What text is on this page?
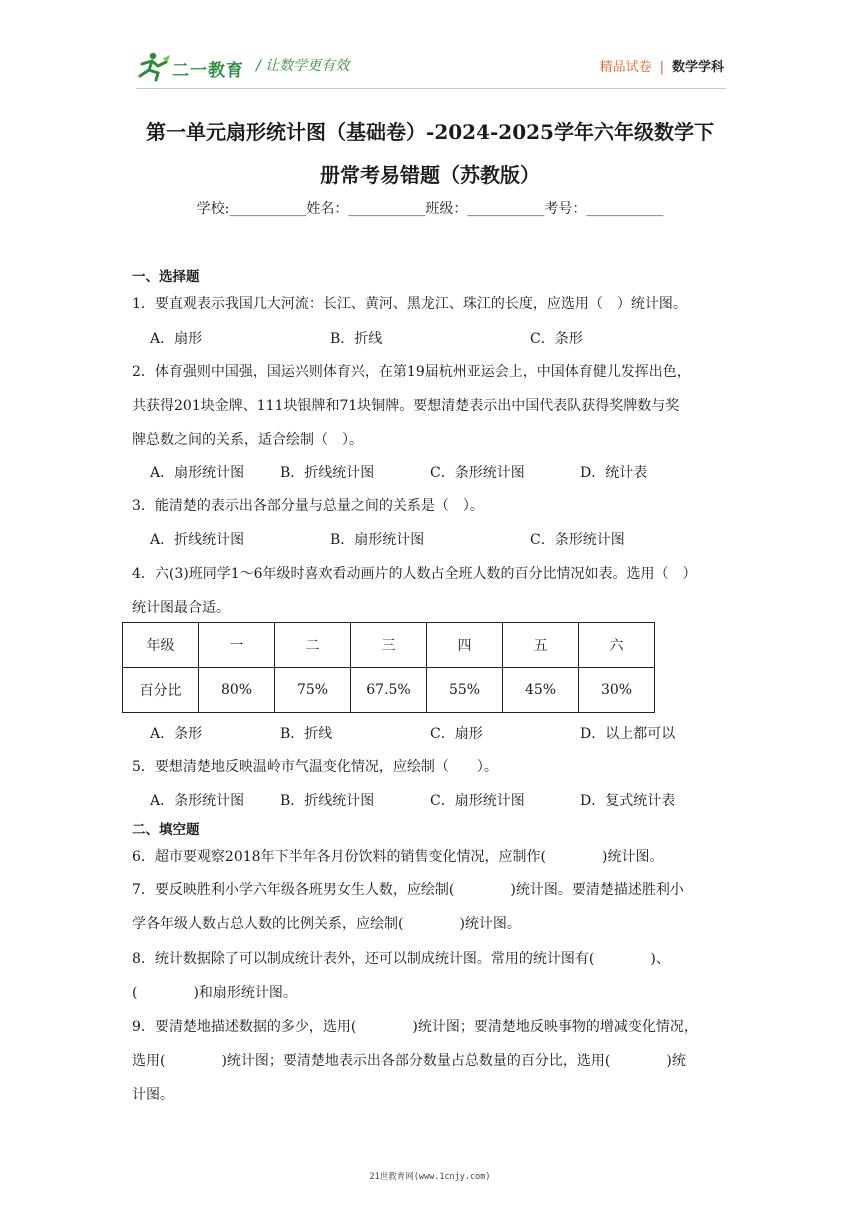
二一教育 / 让数学更有效	精品试卷 | 数学学科
第一单元扇形统计图（基础卷）-2024-2025学年六年级数学下
册常考易错题（苏教版）
学校:___________姓名：___________班级：___________考号：___________
一、选择题
1．要直观表示我国几大河流：长江、黄河、黑龙江、珠江的长度，应选用（　）统计图。
A．扇形	B．折线	C．条形
2．体育强则中国强，国运兴则体育兴，在第19届杭州亚运会上，中国体育健儿发挥出色，
共获得201块金牌、111块银牌和71块铜牌。要想清楚表示出中国代表队获得奖牌数与奖
牌总数之间的关系，适合绘制（　）。
A．扇形统计图	B．折线统计图	C．条形统计图	D．统计表
3．能清楚的表示出各部分量与总量之间的关系是（　）。
A．折线统计图	B．扇形统计图	C．条形统计图
4．六(3)班同学1～6年级时喜欢看动画片的人数占全班人数的百分比情况如表。选用（　）
统计图最合适。
年级	一	二	三	四	五	六
百分比	80%	75%	67.5%	55%	45%	30%
A．条形	B．折线	C．扇形	D．以上都可以
5．要想清楚地反映温岭市气温变化情况，应绘制（　　）。
A．条形统计图	B．折线统计图	C．扇形统计图	D．复式统计表
二、填空题
6．超市要观察2018年下半年各月份饮料的销售变化情况，应制作(　　　　)统计图。
7．要反映胜利小学六年级各班男女生人数，应绘制(　　　　)统计图。要清楚描述胜利小
学各年级人数占总人数的比例关系，应绘制(　　　　)统计图。
8．统计数据除了可以制成统计表外，还可以制成统计图。常用的统计图有(　　　　)、
(　　　　)和扇形统计图。
9．要清楚地描述数据的多少，选用(　　　　)统计图；要清楚地反映事物的增减变化情况，
选用(　　　　)统计图；要清楚地表示出各部分数量占总数量的百分比，选用(　　　　)统
计图。
21世教育网(www.1cnjy.com)
